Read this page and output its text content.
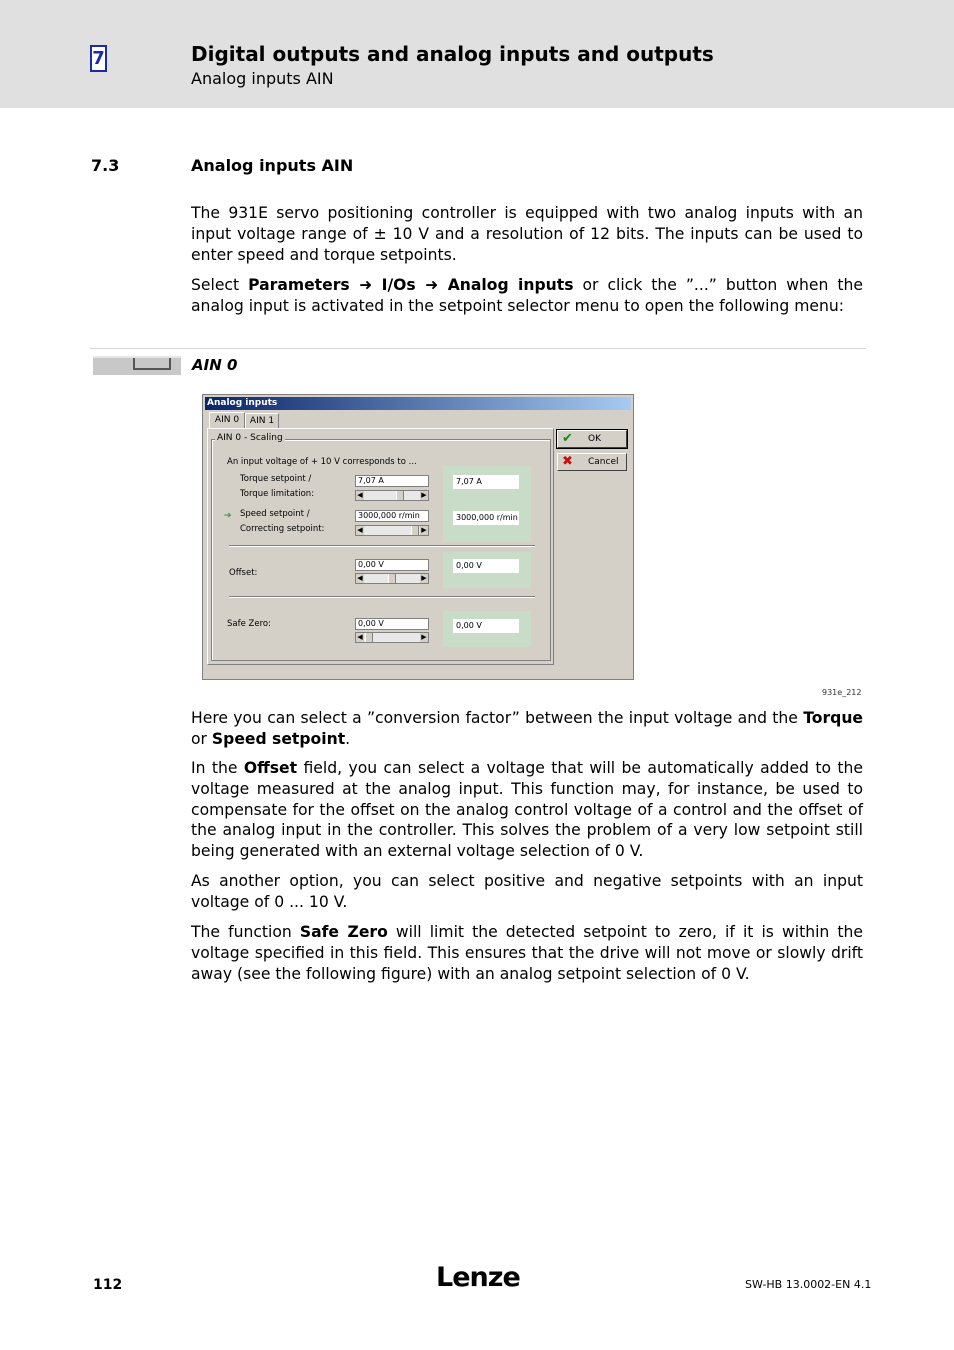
7	Digital outputs and analog inputs and outputs
Analog inputs AIN
7.3	Analog inputs AIN
The 931E servo positioning controller is equipped with two analog inputs with an input voltage range of ± 10 V and a resolution of 12 bits. The inputs can be used to enter speed and torque setpoints.
Select Parameters ➜ I/Os ➜ Analog inputs or click the ”...” button when the analog input is activated in the setpoint selector menu to open the following menu:
AIN 0
Analog inputs
AIN 0	AIN 1
AIN 0 - Scaling
An input voltage of + 10 V corresponds to ...
Torque setpoint /
Torque limitation:
7,07 A
◀	▶
7,07 A
➔ Speed setpoint /
Correcting setpoint:
3000,000 r/min
◀	▶
3000,000 r/min
Offset:
0,00 V
◀	▶
0,00 V
Safe Zero:	0,00 V
◀	▶
0,00 V
✔	OK
✖	Cancel
931e_212
Here you can select a ”conversion factor” between the input voltage and the Torque or Speed setpoint.
In the Offset field, you can select a voltage that will be automatically added to the voltage measured at the analog input. This function may, for instance, be used to compensate for the offset on the analog control voltage of a control and the offset of the analog input in the controller. This solves the problem of a very low setpoint still being generated with an external voltage selection of 0 V.
As another option, you can select positive and negative setpoints with an input voltage of 0 ... 10 V.
The function Safe Zero will limit the detected setpoint to zero, if it is within the voltage specified in this field. This ensures that the drive will not move or slowly drift away (see the following figure) with an analog setpoint selection of 0 V.
112	Lenze	SW-HB 13.0002-EN 4.1
